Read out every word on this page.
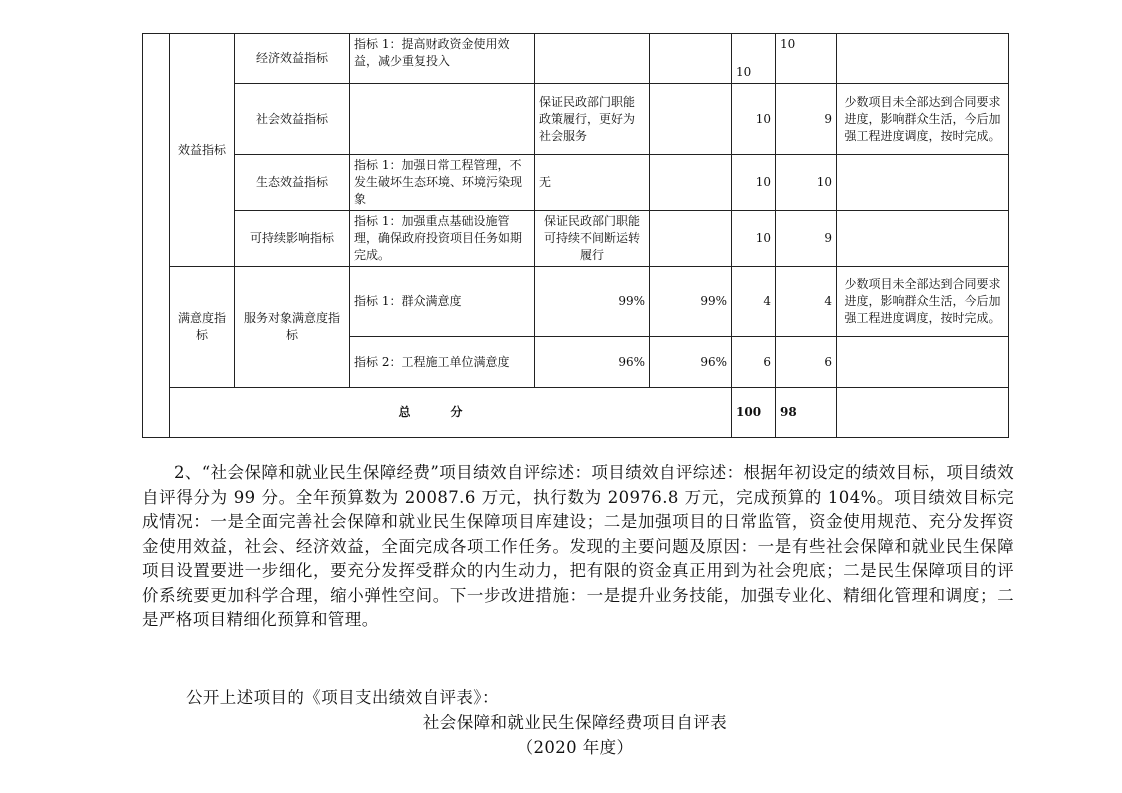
	效益指标	经济效益指标	指标 1：提高财政资金使用效益，减少重复投入			10	10	
		社会效益指标		保证民政部门职能政策履行，更好为社会服务		10	9	少数项目未全部达到合同要求进度，影响群众生活，今后加强工程进度调度，按时完成。
		生态效益指标	指标 1：加强日常工程管理，不发生破坏生态环境、环境污染现象	无		10	10	
		可持续影响指标	指标 1：加强重点基础设施管理，确保政府投资项目任务如期完成。	保证民政部门职能可持续不间断运转履行		10	9	
	满意度指标	服务对象满意度指标	指标 1：群众满意度	99%	99%	4	4	少数项目未全部达到合同要求进度，影响群众生活，今后加强工程进度调度，按时完成。
			指标 2：工程施工单位满意度	96%	96%	6	6	
	总分					100	98	

2、“社会保障和就业民生保障经费”项目绩效自评综述：项目绩效自评综述：根据年初设定的绩效目标，项目绩效自评得分为 99 分。全年预算数为 20087.6 万元，执行数为 20976.8 万元，完成预算的 104%。项目绩效目标完成情况：一是全面完善社会保障和就业民生保障项目库建设；二是加强项目的日常监管，资金使用规范、充分发挥资金使用效益，社会、经济效益，全面完成各项工作任务。发现的主要问题及原因：一是有些社会保障和就业民生保障项目设置要进一步细化，要充分发挥受群众的内生动力，把有限的资金真正用到为社会兜底；二是民生保障项目的评价系统要更加科学合理，缩小弹性空间。下一步改进措施：一是提升业务技能，加强专业化、精细化管理和调度；二是严格项目精细化预算和管理。

公开上述项目的《项目支出绩效自评表》：

社会保障和就业民生保障经费项目自评表

（2020 年度）
